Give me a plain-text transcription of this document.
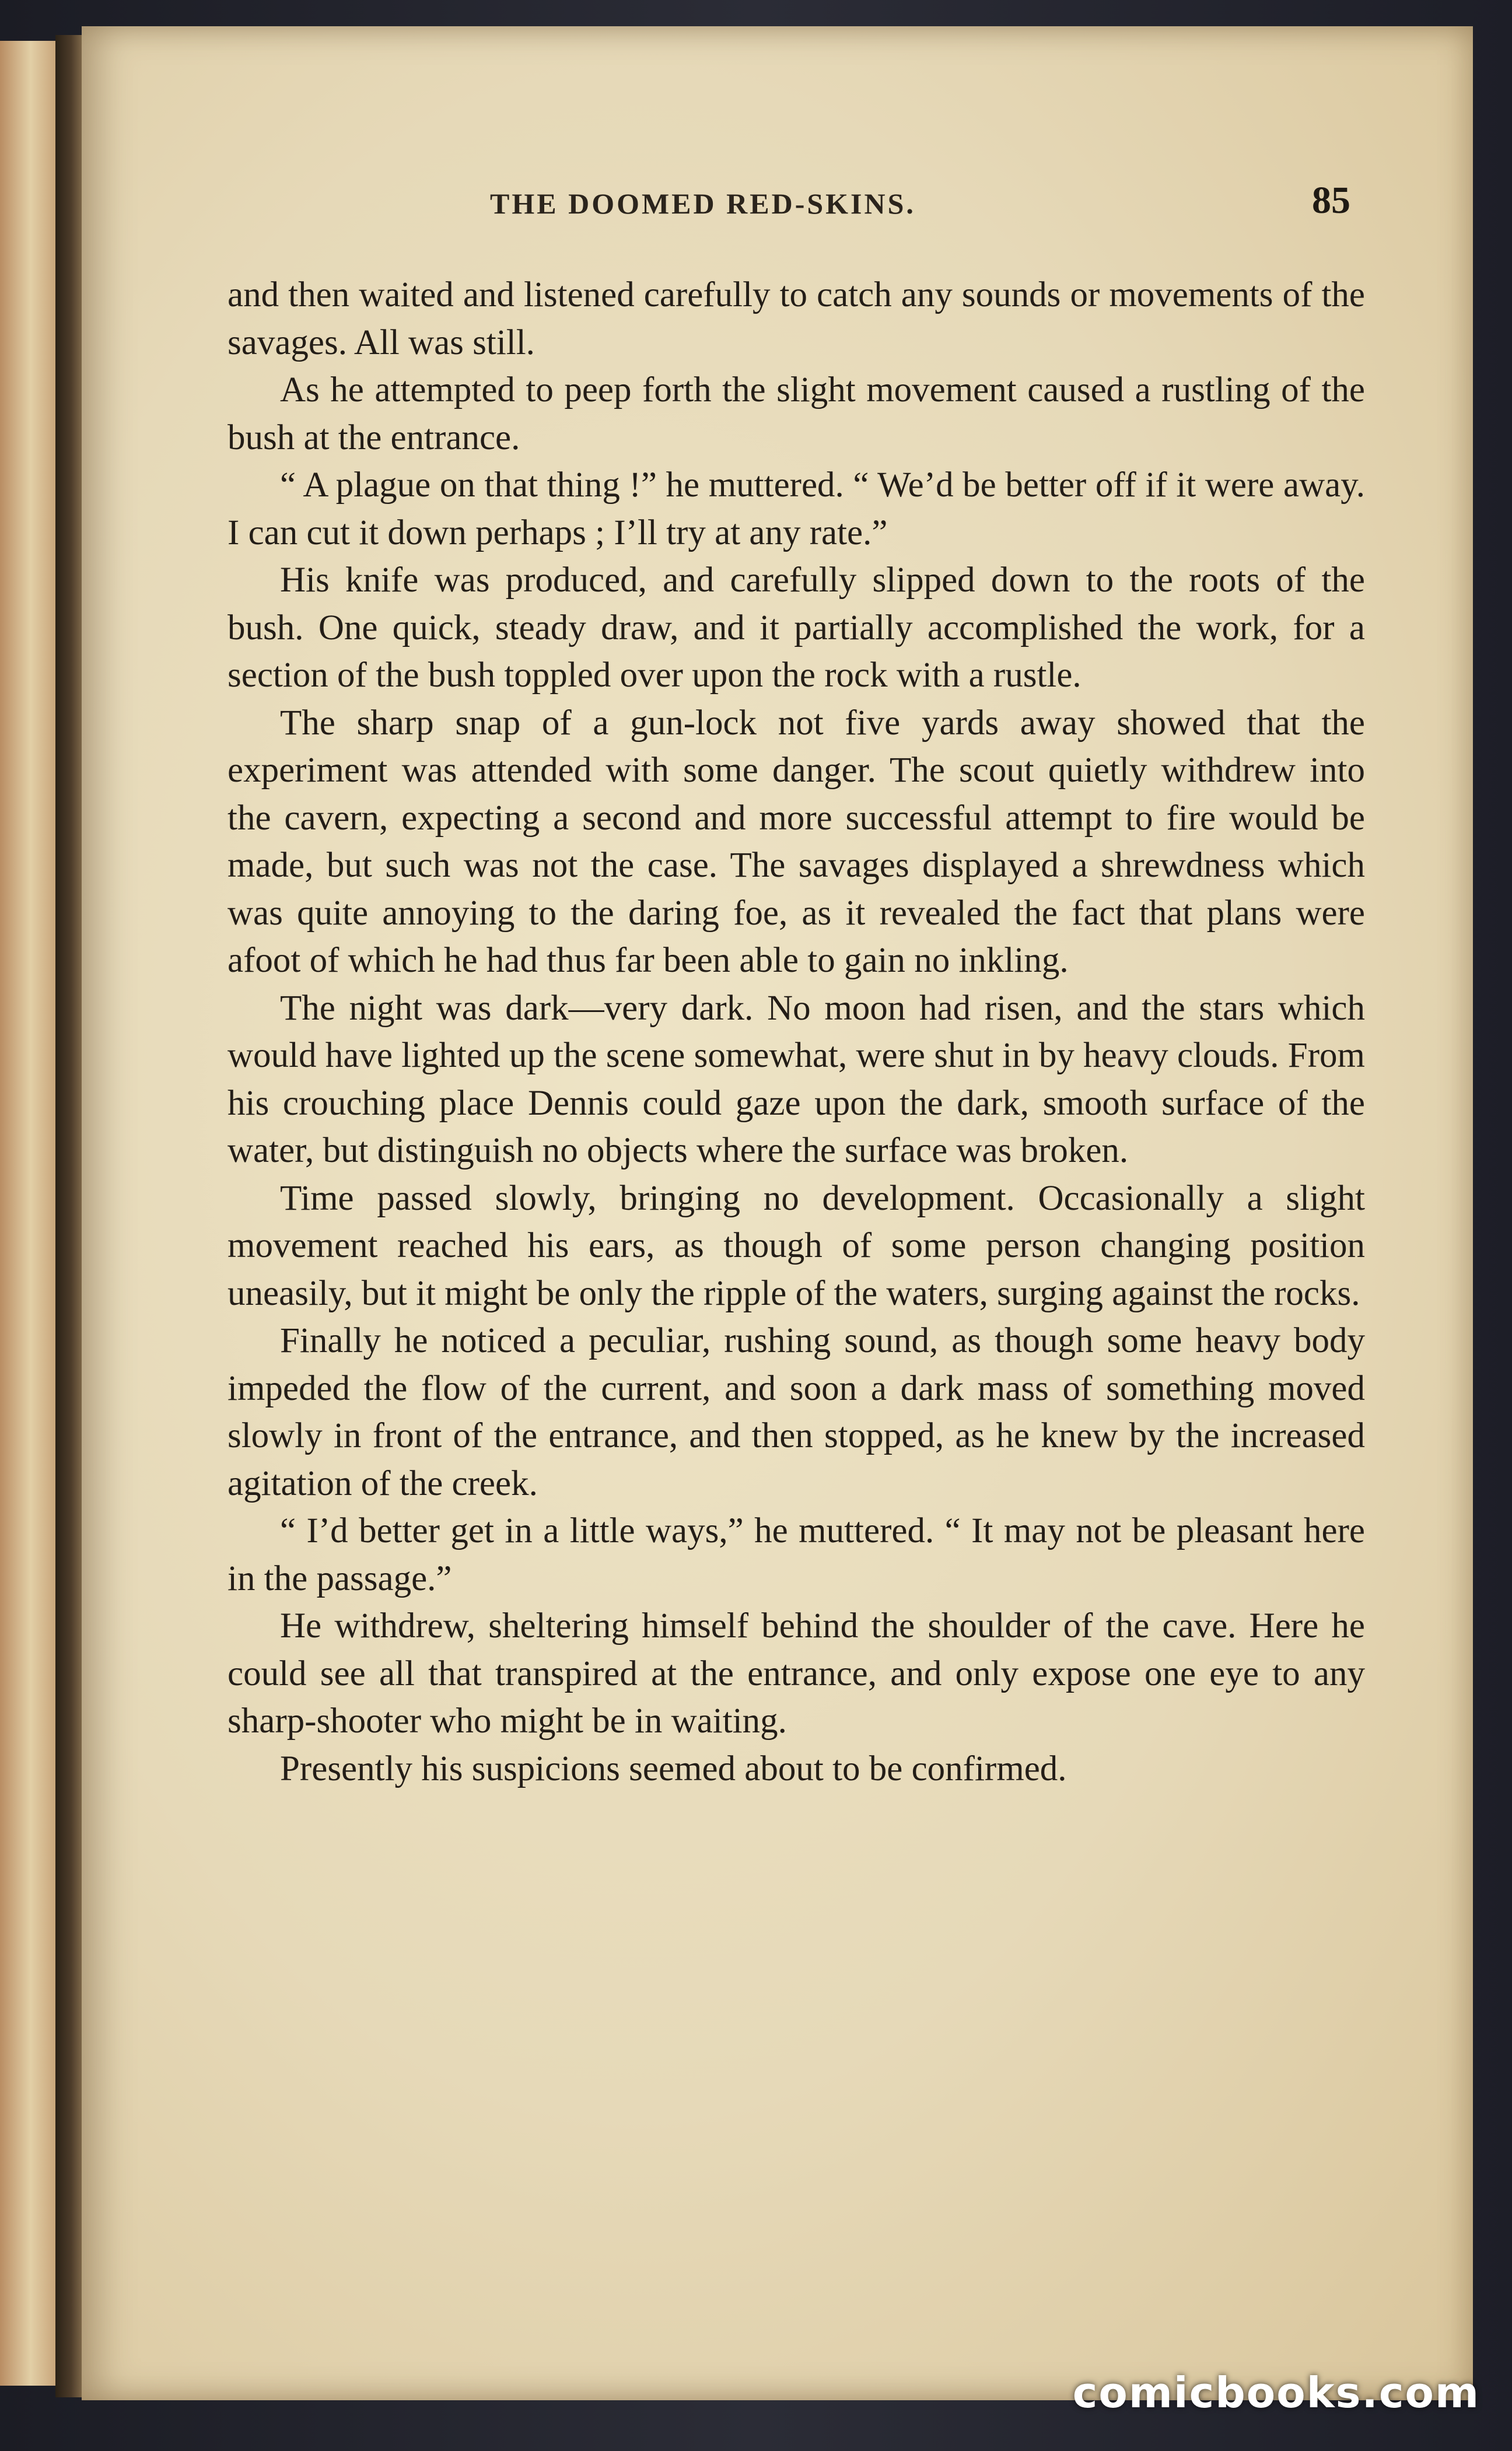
THE DOOMED RED-SKINS.	85

and then waited and listened carefully to catch any sounds or movements of the savages. All was still.

As he attempted to peep forth the slight movement caused a rustling of the bush at the entrance.

“ A plague on that thing !” he muttered. “ We’d be better off if it were away. I can cut it down perhaps ; I’ll try at any rate.”

His knife was produced, and carefully slipped down to the roots of the bush. One quick, steady draw, and it partially accomplished the work, for a section of the bush toppled over upon the rock with a rustle.

The sharp snap of a gun-lock not five yards away showed that the experiment was attended with some danger. The scout quietly withdrew into the cavern, expecting a second and more successful attempt to fire would be made, but such was not the case. The savages displayed a shrewdness which was quite annoying to the daring foe, as it revealed the fact that plans were afoot of which he had thus far been able to gain no inkling.

The night was dark—very dark. No moon had risen, and the stars which would have lighted up the scene somewhat, were shut in by heavy clouds. From his crouching place Dennis could gaze upon the dark, smooth surface of the water, but distinguish no objects where the surface was broken.

Time passed slowly, bringing no development. Occasionally a slight movement reached his ears, as though of some person changing position uneasily, but it might be only the ripple of the waters, surging against the rocks.

Finally he noticed a peculiar, rushing sound, as though some heavy body impeded the flow of the current, and soon a dark mass of something moved slowly in front of the entrance, and then stopped, as he knew by the increased agitation of the creek.

“ I’d better get in a little ways,” he muttered. “ It may not be pleasant here in the passage.”

He withdrew, sheltering himself behind the shoulder of the cave. Here he could see all that transpired at the entrance, and only expose one eye to any sharp-shooter who might be in waiting.

Presently his suspicions seemed about to be confirmed.

comicbooks.com
